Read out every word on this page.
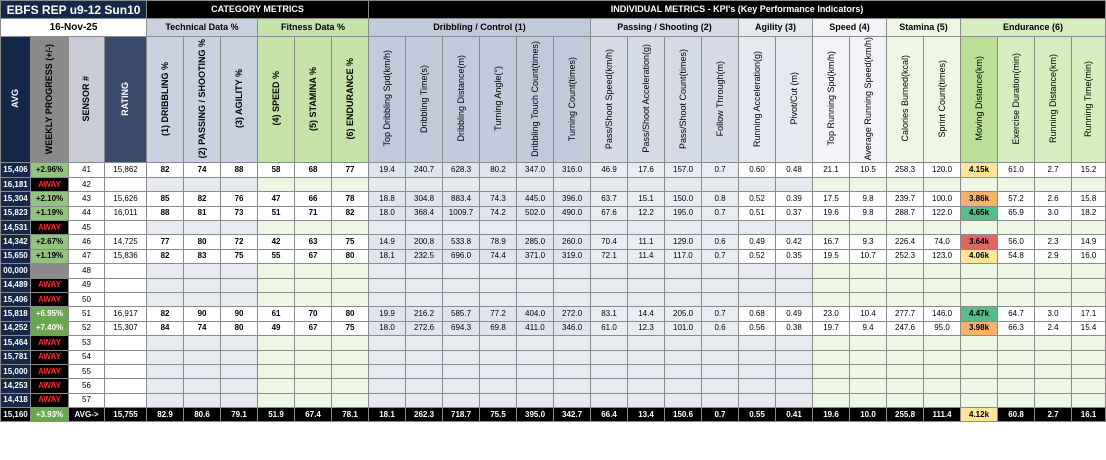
EBFS REP u9-12 Sun10				CATEGORY METRICS						INDIVIDUAL METRICS - KPI's (Key Performance Indicators)																			
16-Nov-25				Technical Data %			Fitness Data %			Dribbling / Control (1)						Passing / Shooting (2)				Agility (3)		Speed (4)		Stamina (5)		Endurance (6)			
AVG	WEEKLY PROGRESS (+/-)	SENSOR #	RATING	(1) DRIBBLING %	(2) PASSING / SHOOTING %	(3) AGILITY %	(4) SPEED %	(5) STAMINA %	(6) ENDURANCE %	Top Dribbling Spd(km/h)	Dribbling Time(s)	Dribbling Distance(m)	Turning Angle(°)	Dribbling Touch Count(times)	Turning Count(times)	Pass/Shoot Speed(km/h)	Pass/Shoot Acceleration(g)	Pass/Shoot Count(times)	Follow Through(m)	Running Acceleration(g)	Pivot/Cut (m)	Top Running Spd(km/h)	Average Running Speed(km/h)	Calories Burned(kcal)	Sprint Count(times)	Moving Distance(km)	Exercise Duration(min)	Running Distance(km)	Running Time(min)
15,406	+2.96%	41	15,862	82	74	88	58	68	77	19.4	240.7	628.3	80.2	347.0	316.0	46.9	17.6	157.0	0.7	0.60	0.48	21.1	10.5	258.3	120.0	4.15k	61.0	2.7	15.2
16,181	AWAY	42																											
15,304	+2.10%	43	15,626	85	82	76	47	66	78	18.8	304.8	883.4	74.3	445.0	396.0	63.7	15.1	150.0	0.8	0.52	0.39	17.5	9.8	239.7	100.0	3.86k	57.2	2.6	15.8
15,823	+1.19%	44	16,011	88	81	73	51	71	82	18.0	368.4	1009.7	74.2	502.0	490.0	67.6	12.2	195.0	0.7	0.51	0.37	19.6	9.8	288.7	122.0	4.65k	65.9	3.0	18.2
14,531	AWAY	45																											
14,342	+2.67%	46	14,725	77	80	72	42	63	75	14.9	200.8	533.8	78.9	285.0	260.0	70.4	11.1	129.0	0.6	0.49	0.42	16.7	9.3	226.4	74.0	3.64k	56.0	2.3	14.9
15,650	+1.19%	47	15,836	82	83	75	55	67	80	18.1	232.5	696.0	74.4	371.0	319.0	72.1	11.4	117.0	0.7	0.52	0.35	19.5	10.7	252.3	123.0	4.06k	54.8	2.9	16.0
00,000		48																											
14,489	AWAY	49																											
15,406	AWAY	50																											
15,818	+6.95%	51	16,917	82	90	90	61	70	80	19.9	216.2	585.7	77.2	404.0	272.0	83.1	14.4	205.0	0.7	0.68	0.49	23.0	10.4	277.7	146.0	4.47k	64.7	3.0	17.1
14,252	+7.40%	52	15,307	84	74	80	49	67	75	18.0	272.6	694.3	69.8	411.0	346.0	61.0	12.3	101.0	0.6	0.56	0.38	19.7	9.4	247.6	95.0	3.98k	66.3	2.4	15.4
15,464	AWAY	53																											
15,781	AWAY	54																											
15,000	AWAY	55																											
14,253	AWAY	56																											
14,418	AWAY	57																											
15,160	+3.93%	AVG->	15,755	82.9	80.6	79.1	51.9	67.4	78.1	18.1	262.3	718.7	75.5	395.0	342.7	66.4	13.4	150.6	0.7	0.55	0.41	19.6	10.0	255.8	111.4	4.12k	60.8	2.7	16.1
